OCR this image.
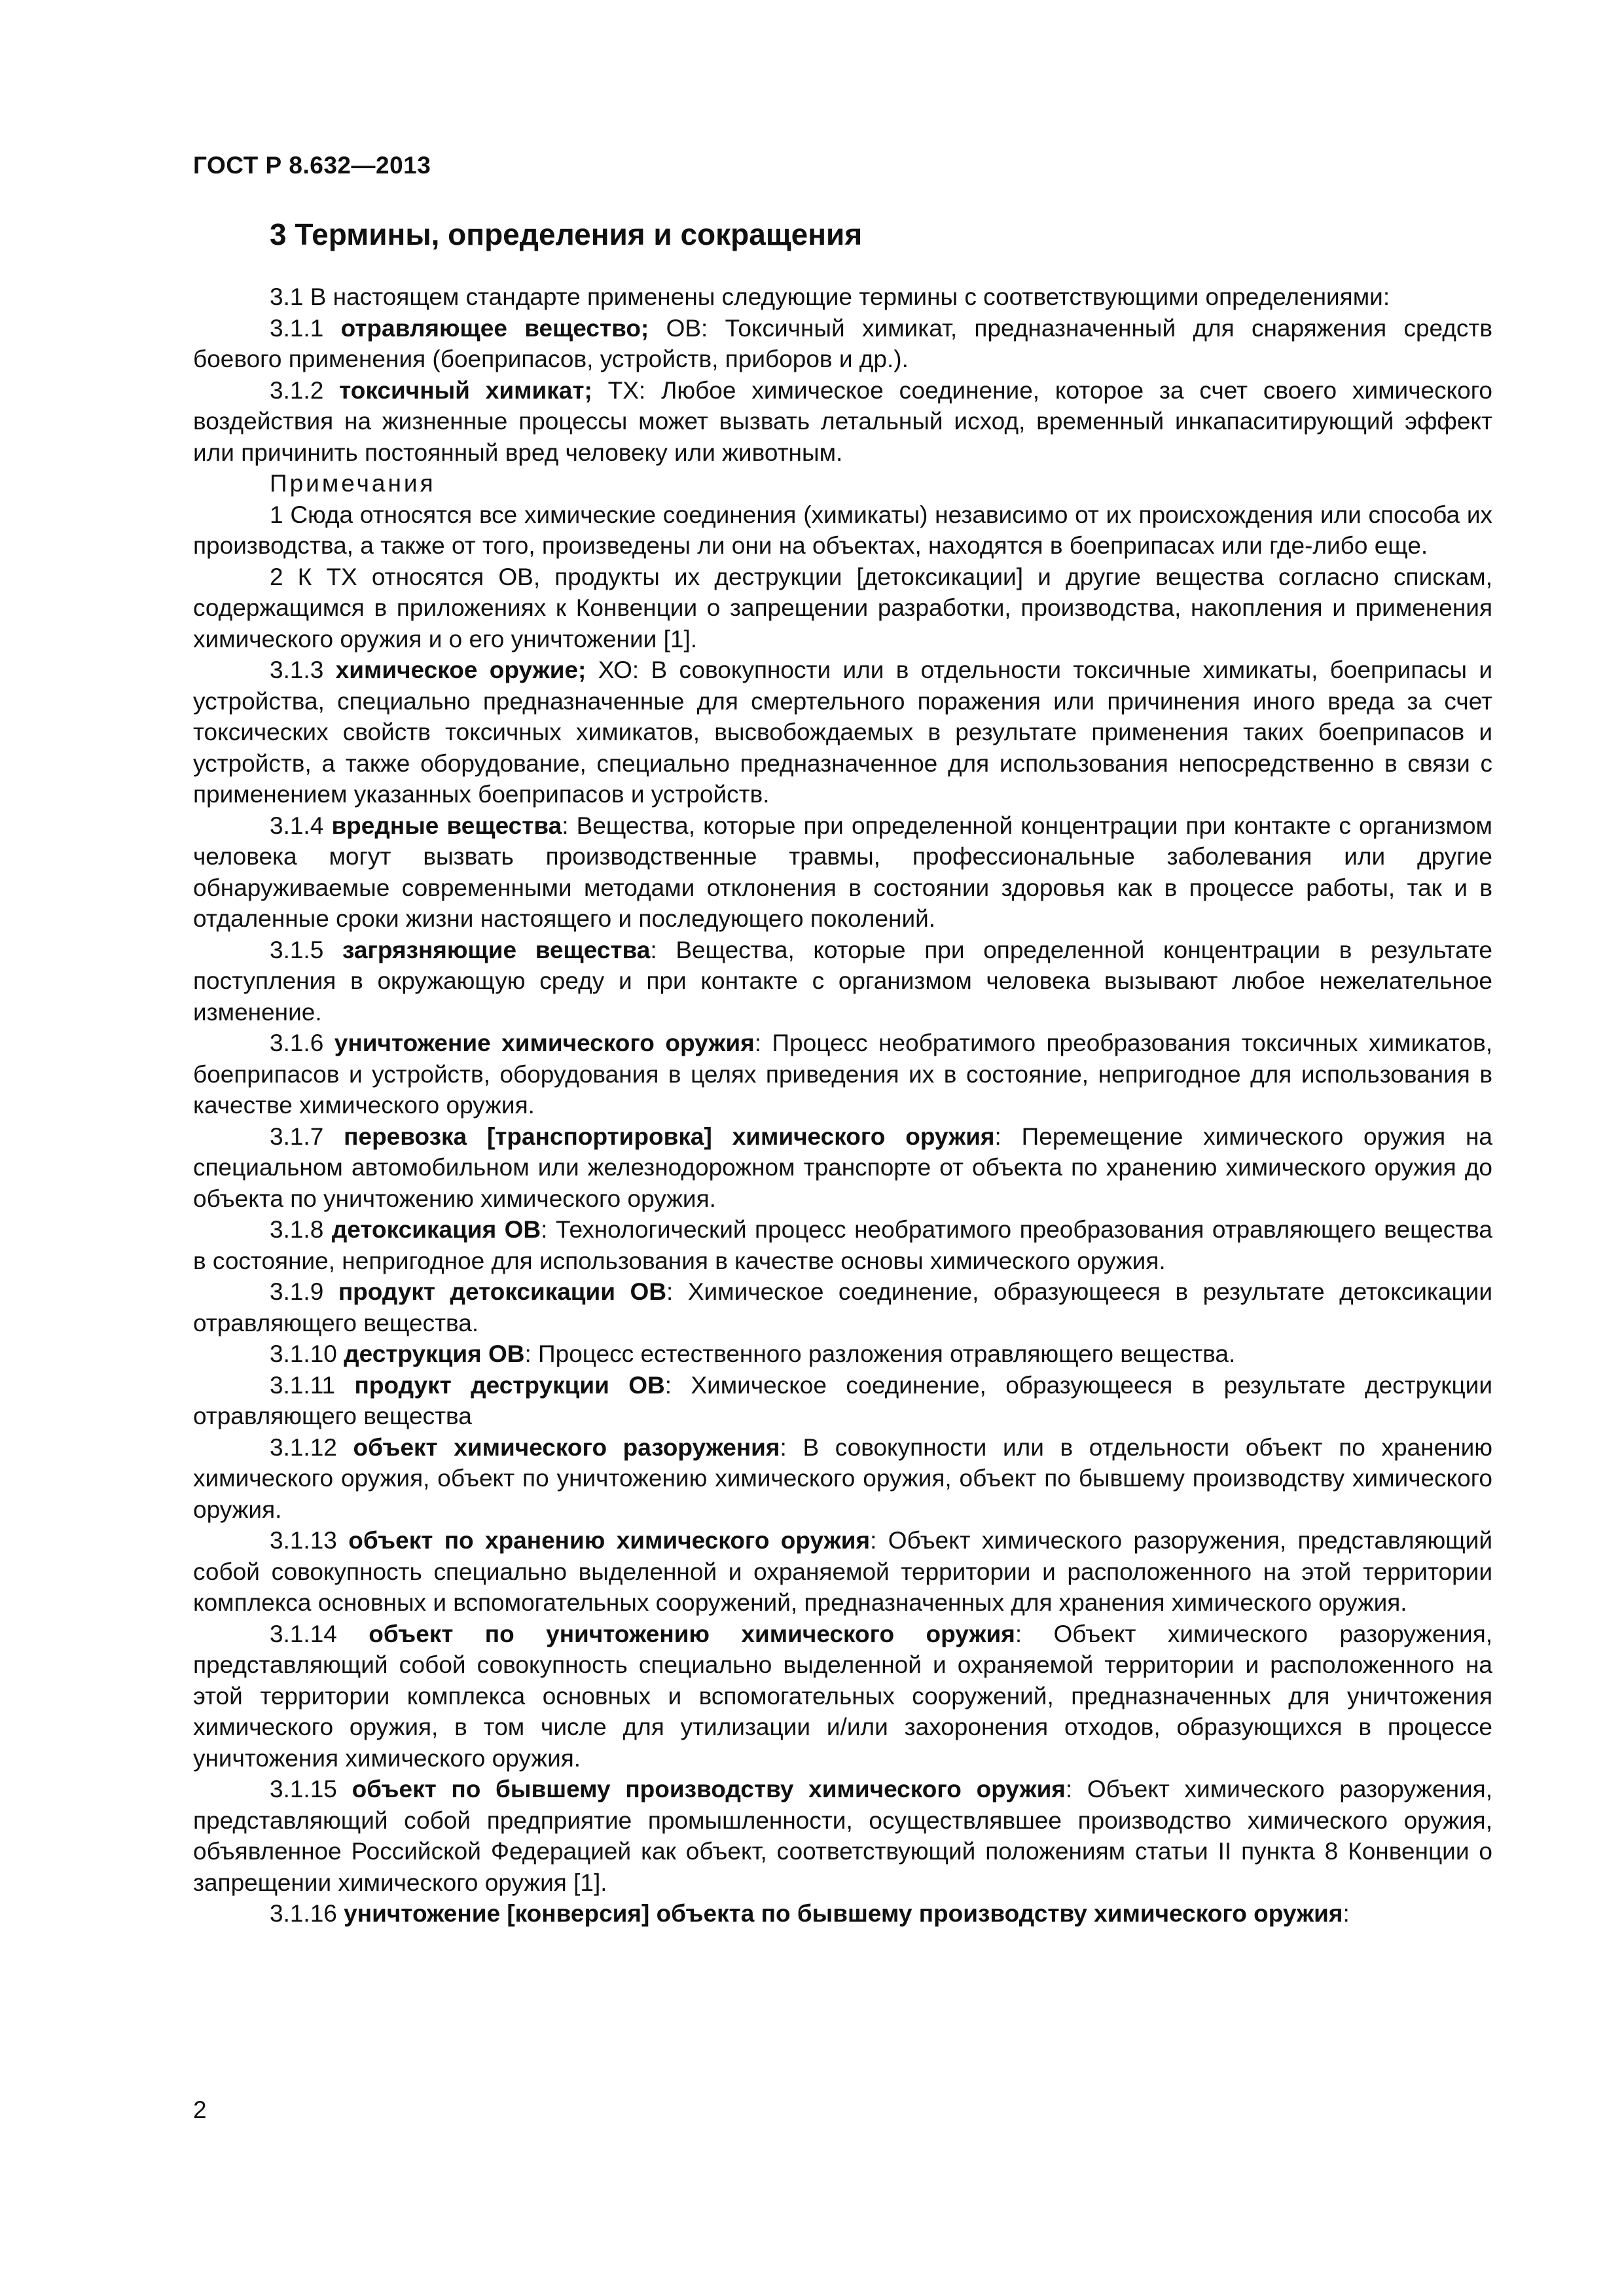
ГОСТ Р 8.632—2013
3 Термины, определения и сокращения

3.1 В настоящем стандарте применены следующие термины с соответствующими определениями:

3.1.1 отравляющее вещество; ОВ: Токсичный химикат, предназначенный для снаряжения средств боевого применения (боеприпасов, устройств, приборов и др.).

3.1.2 токсичный химикат; ТХ: Любое химическое соединение, которое за счет своего химического воздействия на жизненные процессы может вызвать летальный исход, временный инкапаситирующий эффект или причинить постоянный вред человеку или животным.

Примечания

1 Сюда относятся все химические соединения (химикаты) независимо от их происхождения или способа их производства, а также от того, произведены ли они на объектах, находятся в боеприпасах или где-либо еще.

2 К ТХ относятся ОВ, продукты их деструкции [детоксикации] и другие вещества согласно спискам, содержащимся в приложениях к Конвенции о запрещении разработки, производства, накопления и применения химического оружия и о его уничтожении [1].

3.1.3 химическое оружие; ХО: В совокупности или в отдельности токсичные химикаты, боеприпасы и устройства, специально предназначенные для смертельного поражения или причинения иного вреда за счет токсических свойств токсичных химикатов, высвобождаемых в результате применения таких боеприпасов и устройств, а также оборудование, специально предназначенное для использования непосредственно в связи с применением указанных боеприпасов и устройств.

3.1.4 вредные вещества: Вещества, которые при определенной концентрации при контакте с организмом человека могут вызвать производственные травмы, профессиональные заболевания или другие обнаруживаемые современными методами отклонения в состоянии здоровья как в процессе работы, так и в отдаленные сроки жизни настоящего и последующего поколений.

3.1.5 загрязняющие вещества: Вещества, которые при определенной концентрации в результате поступления в окружающую среду и при контакте с организмом человека вызывают любое нежелательное изменение.

3.1.6 уничтожение химического оружия: Процесс необратимого преобразования токсичных химикатов, боеприпасов и устройств, оборудования в целях приведения их в состояние, непригодное для использования в качестве химического оружия.

3.1.7 перевозка [транспортировка] химического оружия: Перемещение химического оружия на специальном автомобильном или железнодорожном транспорте от объекта по хранению химического оружия до объекта по уничтожению химического оружия.

3.1.8 детоксикация ОВ: Технологический процесс необратимого преобразования отравляющего вещества в состояние, непригодное для использования в качестве основы химического оружия.

3.1.9 продукт детоксикации ОВ: Химическое соединение, образующееся в результате детоксикации отравляющего вещества.

3.1.10 деструкция ОВ: Процесс естественного разложения отравляющего вещества.

3.1.11 продукт деструкции ОВ: Химическое соединение, образующееся в результате деструкции отравляющего вещества

3.1.12 объект химического разоружения: В совокупности или в отдельности объект по хранению химического оружия, объект по уничтожению химического оружия, объект по бывшему производству химического оружия.

3.1.13 объект по хранению химического оружия: Объект химического разоружения, представляющий собой совокупность специально выделенной и охраняемой территории и расположенного на этой территории комплекса основных и вспомогательных сооружений, предназначенных для хранения химического оружия.

3.1.14 объект по уничтожению химического оружия: Объект химического разоружения, представляющий собой совокупность специально выделенной и охраняемой территории и расположенного на этой территории комплекса основных и вспомогательных сооружений, предназначенных для уничтожения химического оружия, в том числе для утилизации и/или захоронения отходов, образующихся в процессе уничтожения химического оружия.

3.1.15 объект по бывшему производству химического оружия: Объект химического разоружения, представляющий собой предприятие промышленности, осуществлявшее производство химического оружия, объявленное Российской Федерацией как объект, соответствующий положениям статьи II пункта 8 Конвенции о запрещении химического оружия [1].

3.1.16 уничтожение [конверсия] объекта по бывшему производству химического оружия:

2
